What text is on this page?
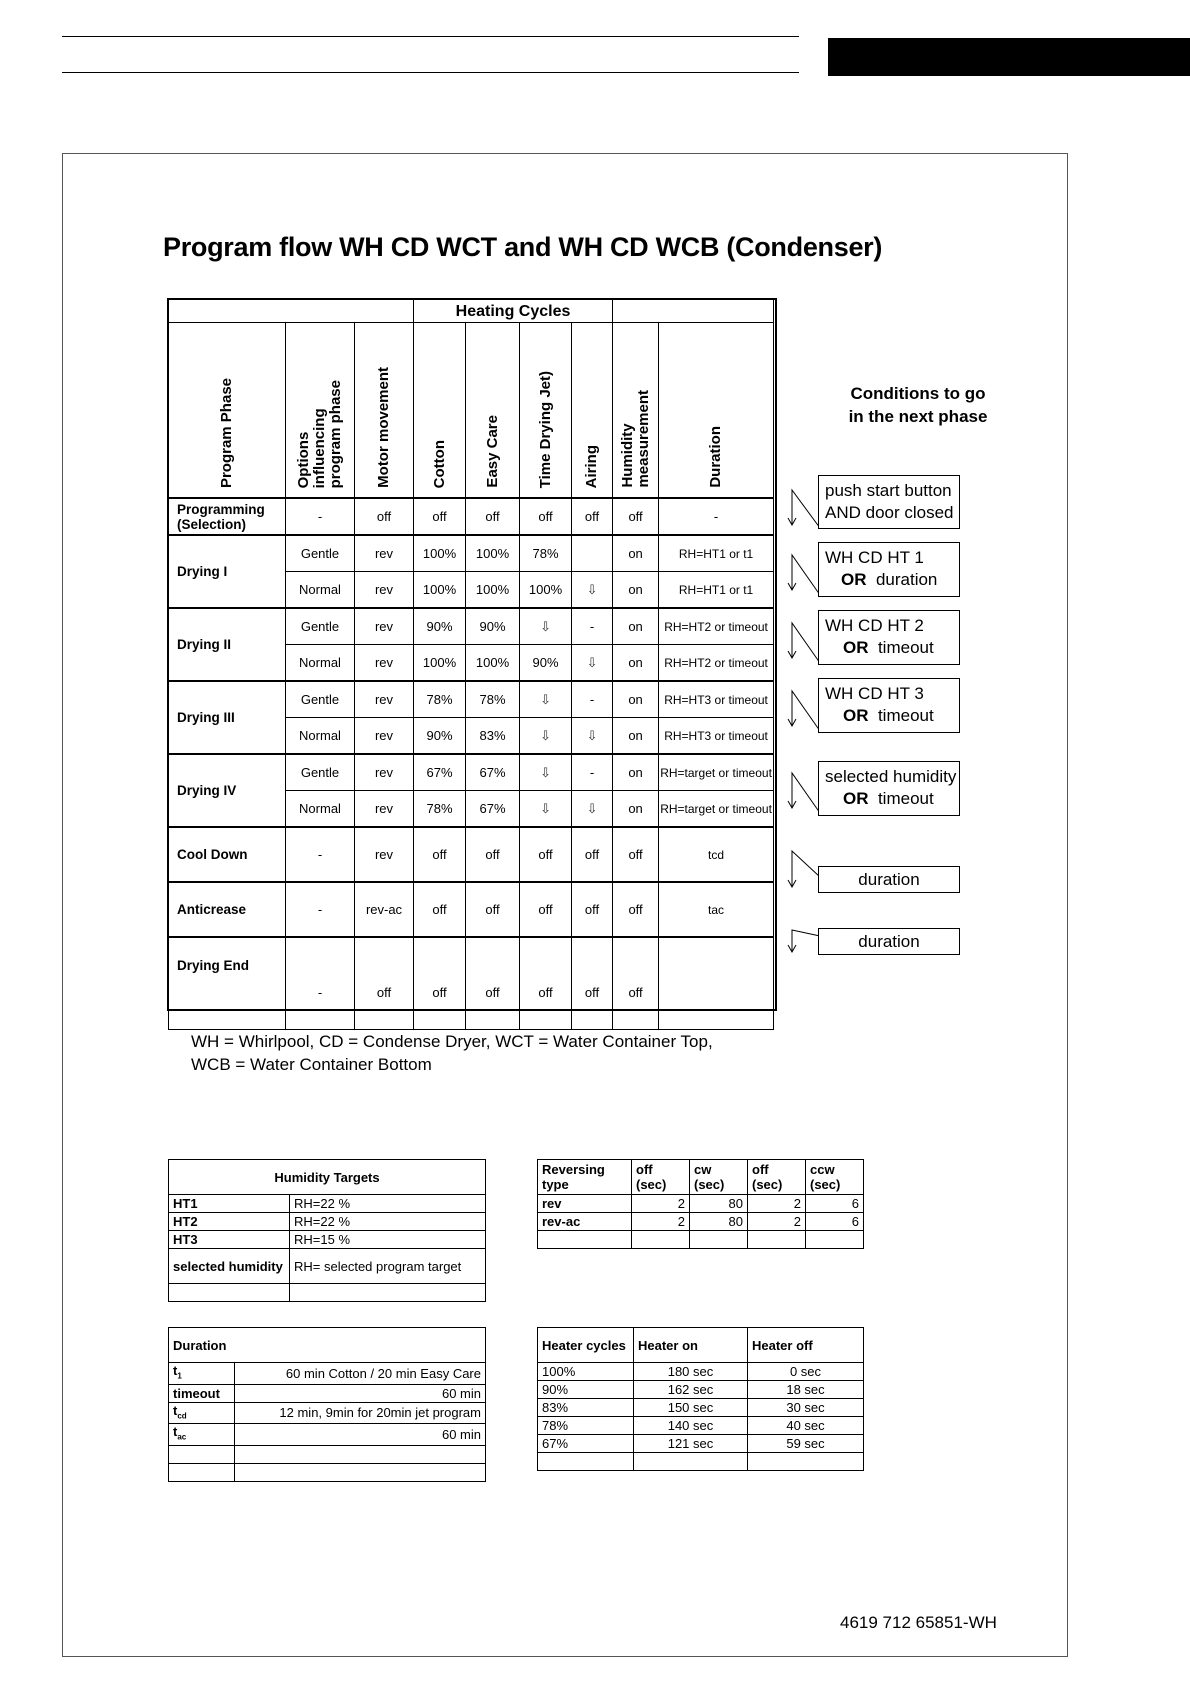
Program flow WH CD WCT and WH CD WCB (Condenser)
			Heating Cycles					
Program Phase	Options
influencing
program phase	Motor movement	Cotton	Easy Care	Time Drying Jet)	Airing	Humidity
measurement	Duration
Programming (Selection)	-	off	off	off	off	off	off	-
Drying I	Gentle	rev	100%	100%	78%		on	RH=HT1 or t1
	Normal	rev	100%	100%	100%	⇩	on	RH=HT1 or t1
Drying II	Gentle	rev	90%	90%	⇩	-	on	RH=HT2 or timeout
	Normal	rev	100%	100%	90%	⇩	on	RH=HT2 or timeout
Drying III	Gentle	rev	78%	78%	⇩	-	on	RH=HT3 or timeout
	Normal	rev	90%	83%	⇩	⇩	on	RH=HT3 or timeout
Drying IV	Gentle	rev	67%	67%	⇩	-	on	RH=target or timeout
	Normal	rev	78%	67%	⇩	⇩	on	RH=target or timeout
Cool Down	-	rev	off	off	off	off	off	tcd
Anticrease	-	rev-ac	off	off	off	off	off	tac
Drying End	-	off	off	off	off	off	off	
Conditions to go
in the next phase
push start button
AND door closed
WH CD HT 1
OR duration
WH CD HT 2
OR timeout
WH CD HT 3
OR timeout
selected humidity
OR timeout
duration
duration
WH = Whirlpool, CD = Condense Dryer, WCT = Water Container Top,
WCB = Water Container Bottom
Humidity Targets	
HT1	RH=22 %
HT2	RH=22 %
HT3	RH=15 %
selected humidity	RH= selected program target

Reversing type	off (sec)	cw (sec)	off (sec)	ccw (sec)
rev	2	80	2	6
rev-ac	2	80	2	6

Duration	
$t_1$	60 min Cotton / 20 min Easy Care
timeout	60 min
$t_{cd}$	12 min, 9min for 20min jet program
$t_{ac}$	60 min

Heater cycles	Heater on	Heater off
100%	180 sec	0 sec
90%	162 sec	18 sec
83%	150 sec	30 sec
78%	140 sec	40 sec
67%	121 sec	59 sec

4619 712 65851-WH
